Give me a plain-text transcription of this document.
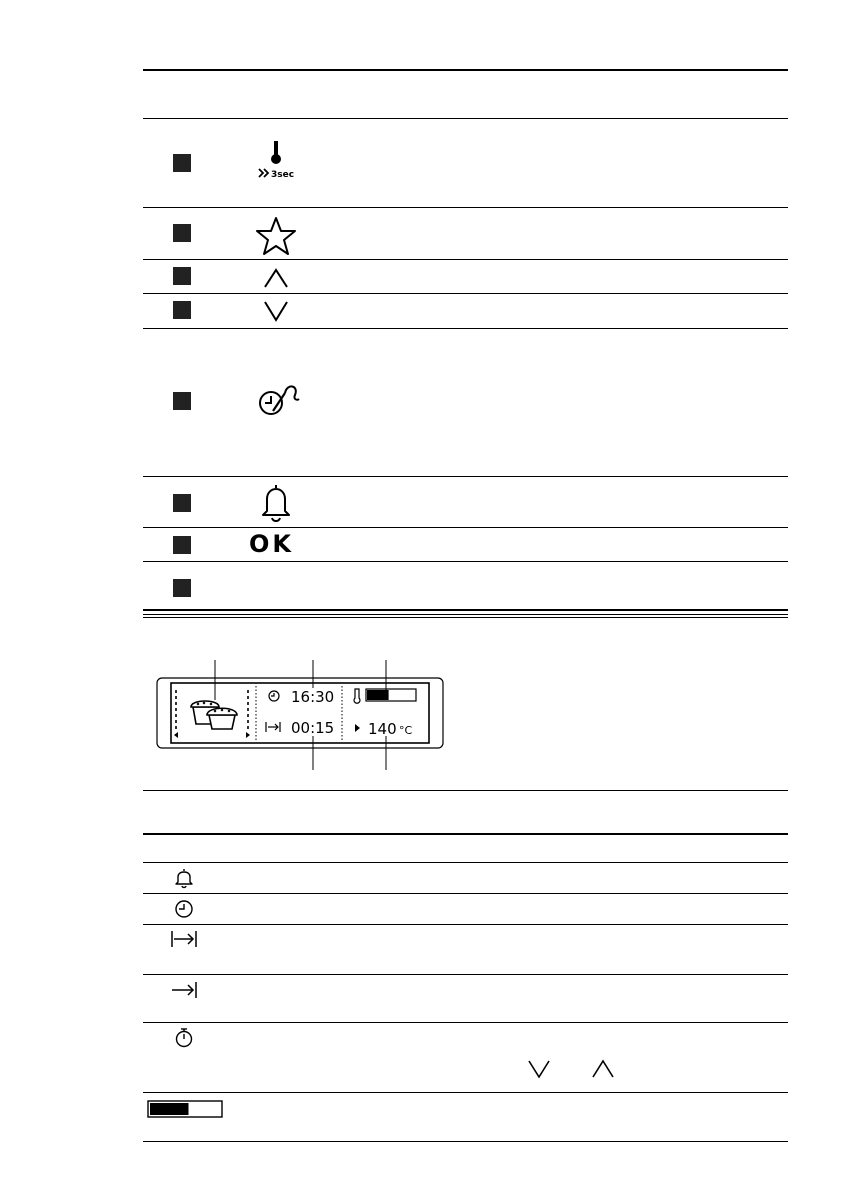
3sec
OK
16:30
00:15 140 °C
